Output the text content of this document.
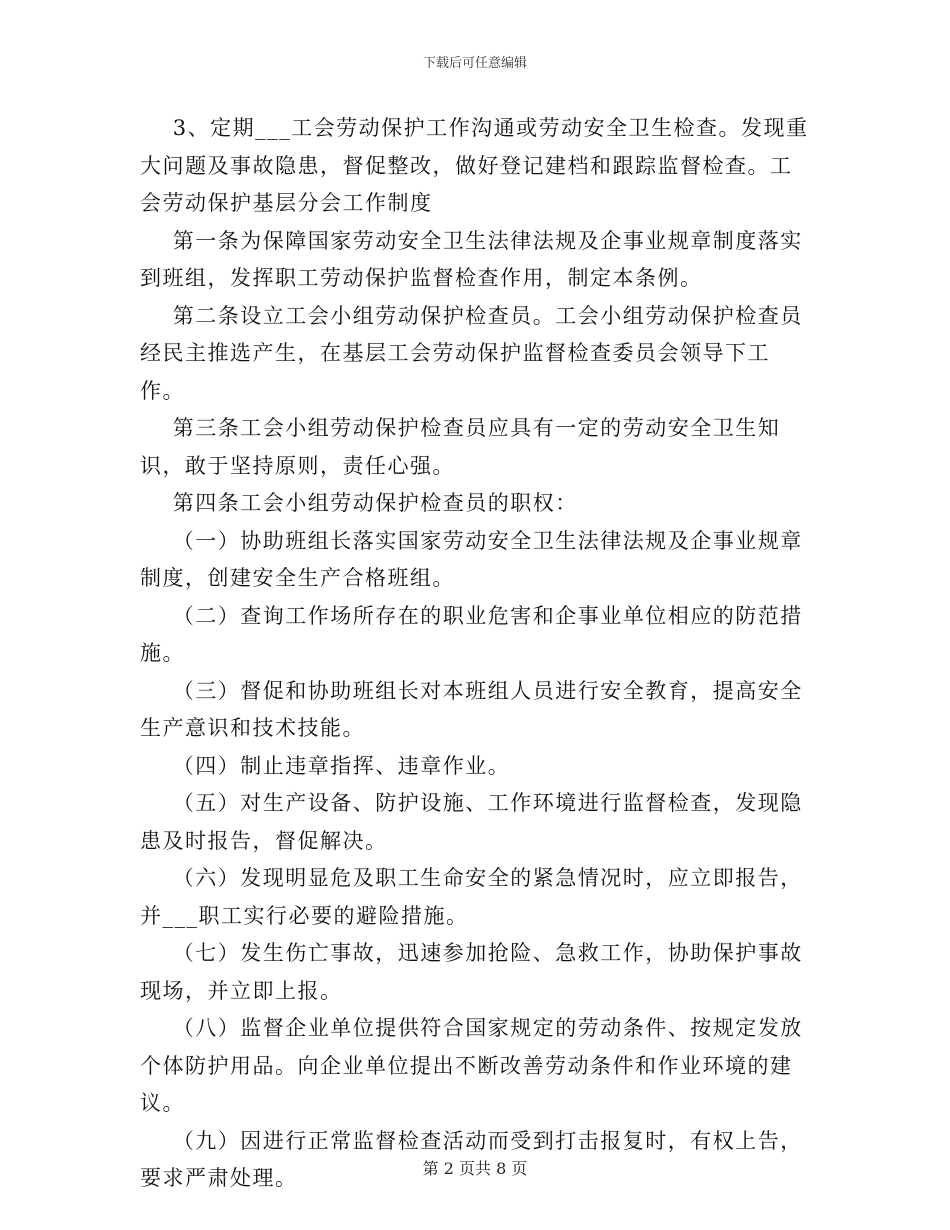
下载后可任意编辑

3、定期___工会劳动保护工作沟通或劳动安全卫生检查。发现重大问题及事故隐患，督促整改，做好登记建档和跟踪监督检查。工会劳动保护基层分会工作制度

第一条为保障国家劳动安全卫生法律法规及企事业规章制度落实到班组，发挥职工劳动保护监督检查作用，制定本条例。

第二条设立工会小组劳动保护检查员。工会小组劳动保护检查员经民主推选产生，在基层工会劳动保护监督检查委员会领导下工作。

第三条工会小组劳动保护检查员应具有一定的劳动安全卫生知识，敢于坚持原则，责任心强。

第四条工会小组劳动保护检查员的职权：

（一）协助班组长落实国家劳动安全卫生法律法规及企事业规章制度，创建安全生产合格班组。

（二）查询工作场所存在的职业危害和企事业单位相应的防范措施。

（三）督促和协助班组长对本班组人员进行安全教育，提高安全生产意识和技术技能。

（四）制止违章指挥、违章作业。

（五）对生产设备、防护设施、工作环境进行监督检查，发现隐患及时报告，督促解决。

（六）发现明显危及职工生命安全的紧急情况时，应立即报告，并___职工实行必要的避险措施。

（七）发生伤亡事故，迅速参加抢险、急救工作，协助保护事故现场，并立即上报。

（八）监督企业单位提供符合国家规定的劳动条件、按规定发放个体防护用品。向企业单位提出不断改善劳动条件和作业环境的建议。

（九）因进行正常监督检查活动而受到打击报复时，有权上告，要求严肃处理。	第 2 页共 8 页
